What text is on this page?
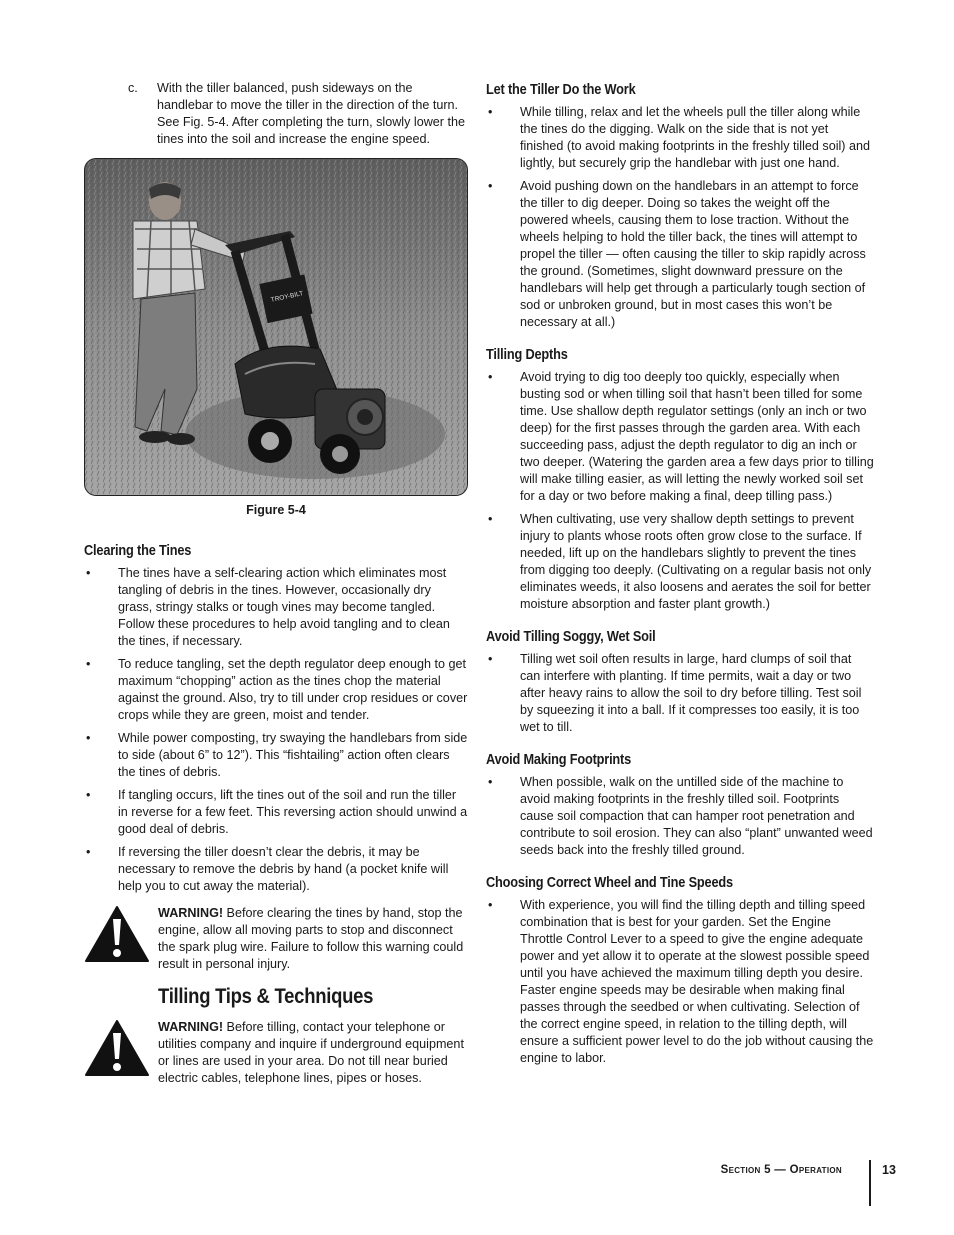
c.	With the tiller balanced, push sideways on the handlebar to move the tiller in the direction of the turn. See Fig. 5-4. After completing the turn, slowly lower the tines into the soil and increase the engine speed.
TROY-BILT
Figure 5-4
Clearing the Tines
• The tines have a self-clearing action which eliminates most tangling of debris in the tines. However, occasionally dry grass, stringy stalks or tough vines may become tangled. Follow these procedures to help avoid tangling and to clean the tines, if necessary.
• To reduce tangling, set the depth regulator deep enough to get maximum “chopping” action as the tines chop the material against the ground. Also, try to till under crop residues or cover crops while they are green, moist and tender.
• While power composting, try swaying the handlebars from side to side (about 6” to 12”). This “fishtailing” action often clears the tines of debris.
• If tangling occurs, lift the tines out of the soil and run the tiller in reverse for a few feet. This reversing action should unwind a good deal of debris.
• If reversing the tiller doesn’t clear the debris, it may be necessary to remove the debris by hand (a pocket knife will help you to cut away the material).
WARNING! Before clearing the tines by hand, stop the engine, allow all moving parts to stop and disconnect the spark plug wire. Failure to follow this warning could result in personal injury.
Tilling Tips & Techniques
WARNING! Before tilling, contact your telephone or utilities company and inquire if underground equipment or lines are used in your area. Do not till near buried electric cables, telephone lines, pipes or hoses.
Let the Tiller Do the Work
• While tilling, relax and let the wheels pull the tiller along while the tines do the digging. Walk on the side that is not yet finished (to avoid making footprints in the freshly tilled soil) and lightly, but securely grip the handlebar with just one hand.
• Avoid pushing down on the handlebars in an attempt to force the tiller to dig deeper. Doing so takes the weight off the powered wheels, causing them to lose traction. Without the wheels helping to hold the tiller back, the tines will attempt to propel the tiller — often causing the tiller to skip rapidly across the ground. (Sometimes, slight downward pressure on the handlebars will help get through a particularly tough section of sod or unbroken ground, but in most cases this won’t be necessary at all.)
Tilling Depths
• Avoid trying to dig too deeply too quickly, especially when busting sod or when tilling soil that hasn’t been tilled for some time. Use shallow depth regulator settings (only an inch or two deep) for the first passes through the garden area. With each succeeding pass, adjust the depth regulator to dig an inch or two deeper. (Watering the garden area a few days prior to tilling will make tilling easier, as will letting the newly worked soil set for a day or two before making a final, deep tilling pass.)
• When cultivating, use very shallow depth settings to prevent injury to plants whose roots often grow close to the surface. If needed, lift up on the handlebars slightly to prevent the tines from digging too deeply. (Cultivating on a regular basis not only eliminates weeds, it also loosens and aerates the soil for better moisture absorption and faster plant growth.)
Avoid Tilling Soggy, Wet Soil
• Tilling wet soil often results in large, hard clumps of soil that can interfere with planting. If time permits, wait a day or two after heavy rains to allow the soil to dry before tilling. Test soil by squeezing it into a ball. If it compresses too easily, it is too wet to till.
Avoid Making Footprints
• When possible, walk on the untilled side of the machine to avoid making footprints in the freshly tilled soil. Footprints cause soil compaction that can hamper root penetration and contribute to soil erosion. They can also “plant” unwanted weed seeds back into the freshly tilled ground.
Choosing Correct Wheel and Tine Speeds
• With experience, you will find the tilling depth and tilling speed combination that is best for your garden. Set the Engine Throttle Control Lever to a speed to give the engine adequate power and yet allow it to operate at the slowest possible speed until you have achieved the maximum tilling depth you desire. Faster engine speeds may be desirable when making final passes through the seedbed or when cultivating. Selection of the correct engine speed, in relation to the tilling depth, will ensure a sufficient power level to do the job without causing the engine to labor.
Section 5 — Operation	13
